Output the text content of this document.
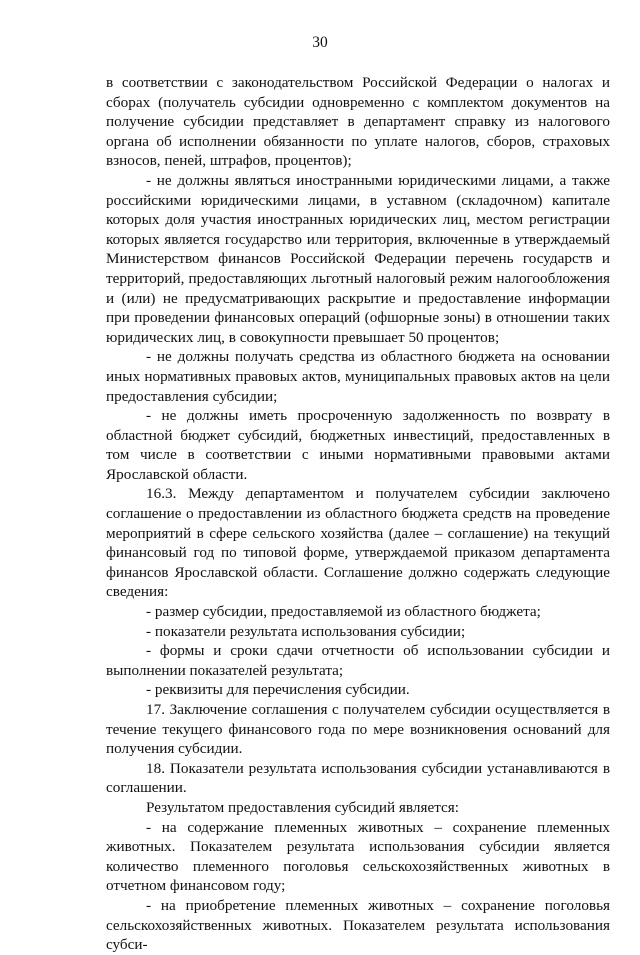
30

в соответствии с законодательством Российской Федерации о налогах и сборах (получатель субсидии одновременно с комплектом документов на получение субсидии представляет в департамент справку из налогового органа об исполнении обязанности по уплате налогов, сборов, страховых взносов, пеней, штрафов, процентов);

- не должны являться иностранными юридическими лицами, а также российскими юридическими лицами, в уставном (складочном) капитале которых доля участия иностранных юридических лиц, местом регистрации которых является государство или территория, включенные в утверждаемый Министерством финансов Российской Федерации перечень государств и территорий, предоставляющих льготный налоговый режим налогообложения и (или) не предусматривающих раскрытие и предоставление информации при проведении финансовых операций (офшорные зоны) в отношении таких юридических лиц, в совокупности превышает 50 процентов;

- не должны получать средства из областного бюджета на основании иных нормативных правовых актов, муниципальных правовых актов на цели предоставления субсидии;

- не должны иметь просроченную задолженность по возврату в областной бюджет субсидий, бюджетных инвестиций, предоставленных в том числе в соответствии с иными нормативными правовыми актами Ярославской области.

16.3. Между департаментом и получателем субсидии заключено соглашение о предоставлении из областного бюджета средств на проведение мероприятий в сфере сельского хозяйства (далее – соглашение) на текущий финансовый год по типовой форме, утверждаемой приказом департамента финансов Ярославской области. Соглашение должно содержать следующие сведения:

- размер субсидии, предоставляемой из областного бюджета;

- показатели результата использования субсидии;

- формы и сроки сдачи отчетности об использовании субсидии и выполнении показателей результата;

- реквизиты для перечисления субсидии.

17. Заключение соглашения с получателем субсидии осуществляется в течение текущего финансового года по мере возникновения оснований для получения субсидии.

18. Показатели результата использования субсидии устанавливаются в соглашении.

Результатом предоставления субсидий является:

- на содержание племенных животных – сохранение племенных животных. Показателем результата использования субсидии является количество племенного поголовья сельскохозяйственных животных в отчетном финансовом году;

- на приобретение племенных животных – сохранение поголовья сельскохозяйственных животных. Показателем результата использования субси-
